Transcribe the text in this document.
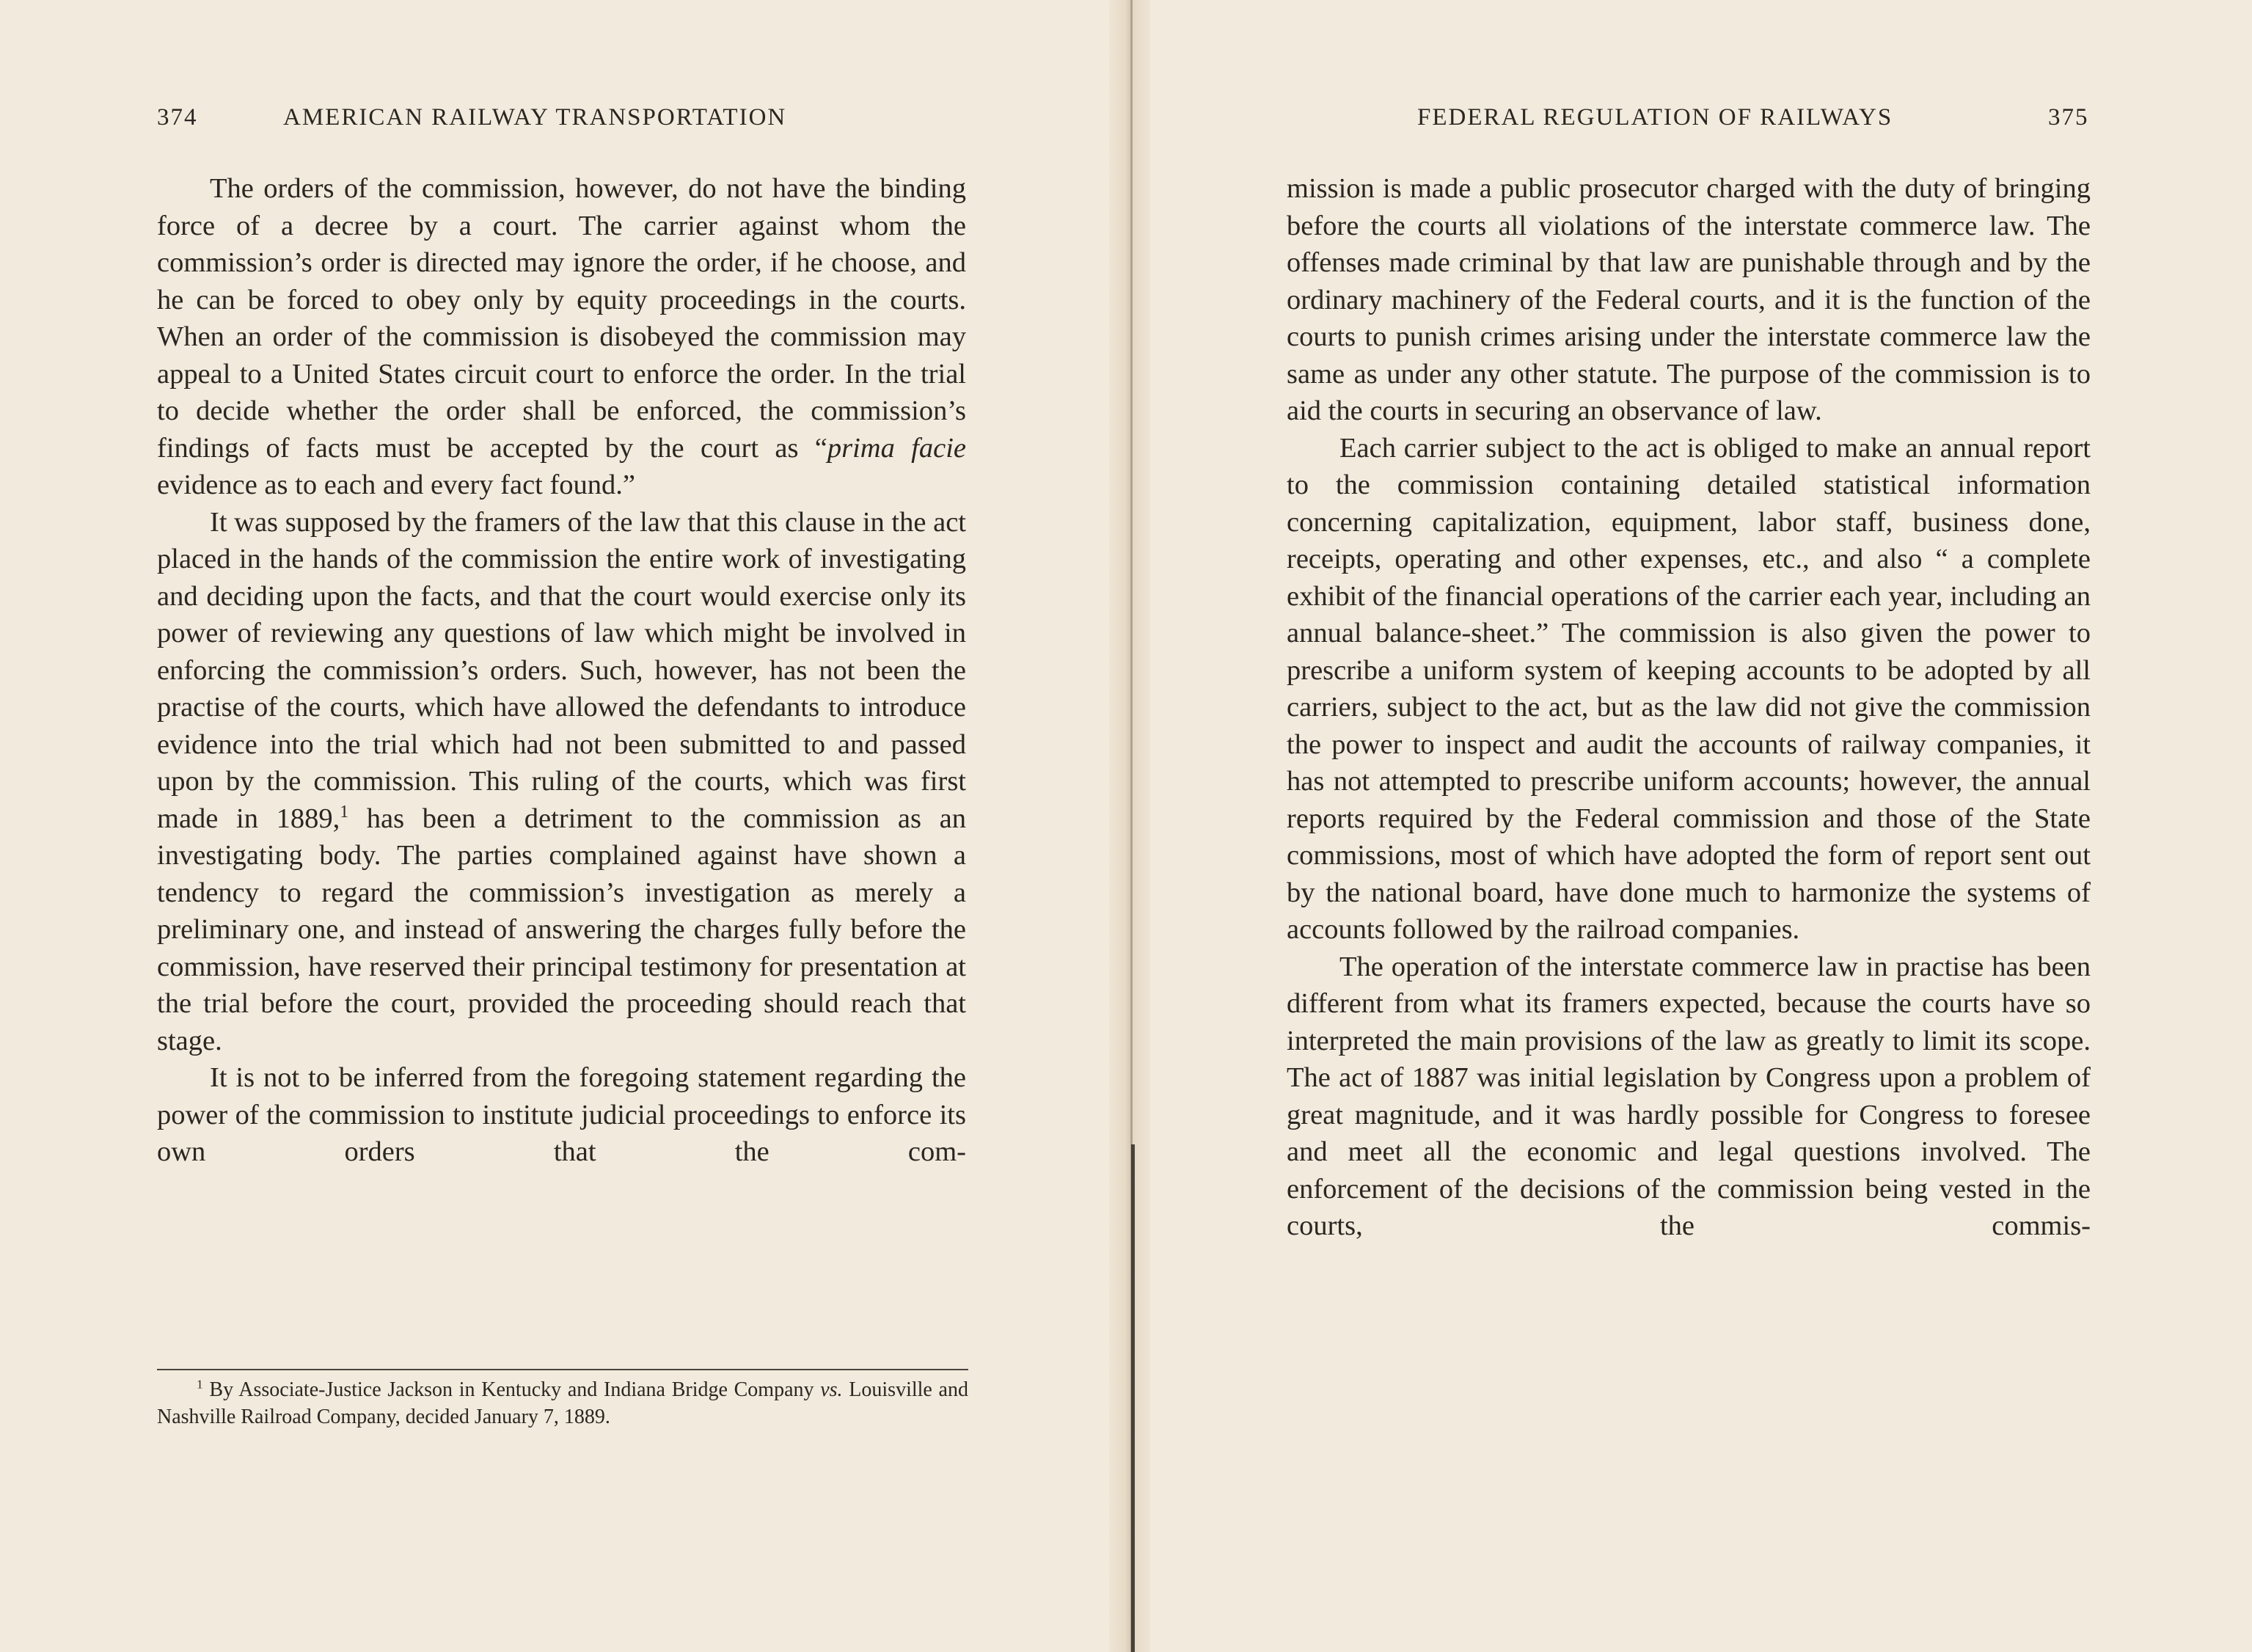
374	AMERICAN RAILWAY TRANSPORTATION	FEDERAL REGULATION OF RAILWAYS	375

The orders of the commission, however, do not have the binding force of a decree by a court. The carrier against whom the commission’s order is directed may ignore the order, if he choose, and he can be forced to obey only by equity proceedings in the courts. When an order of the commission is disobeyed the commission may appeal to a United States circuit court to enforce the order. In the trial to decide whether the order shall be enforced, the commission’s findings of facts must be accepted by the court as “prima facie evidence as to each and every fact found.”

It was supposed by the framers of the law that this clause in the act placed in the hands of the commission the entire work of investigating and deciding upon the facts, and that the court would exercise only its power of reviewing any questions of law which might be involved in enforcing the commission’s orders. Such, however, has not been the practise of the courts, which have allowed the defendants to introduce evidence into the trial which had not been submitted to and passed upon by the commission. This ruling of the courts, which was first made in 1889,$^1$ has been a detriment to the commission as an investigating body. The parties complained against have shown a tendency to regard the commission’s investigation as merely a preliminary one, and instead of answering the charges fully before the commission, have reserved their principal testimony for presentation at the trial before the court, provided the proceeding should reach that stage.

It is not to be inferred from the foregoing statement regarding the power of the commission to institute judicial proceedings to enforce its own orders that the com-

$^1$ By Associate-Justice Jackson in Kentucky and Indiana Bridge Company vs. Louisville and Nashville Railroad Company, decided January 7, 1889.

mission is made a public prosecutor charged with the duty of bringing before the courts all violations of the interstate commerce law. The offenses made criminal by that law are punishable through and by the ordinary machinery of the Federal courts, and it is the function of the courts to punish crimes arising under the interstate commerce law the same as under any other statute. The purpose of the commission is to aid the courts in securing an observance of law.

Each carrier subject to the act is obliged to make an annual report to the commission containing detailed statistical information concerning capitalization, equipment, labor staff, business done, receipts, operating and other expenses, etc., and also “ a complete exhibit of the financial operations of the carrier each year, including an annual balance-sheet.” The commission is also given the power to prescribe a uniform system of keeping accounts to be adopted by all carriers, subject to the act, but as the law did not give the commission the power to inspect and audit the accounts of railway companies, it has not attempted to prescribe uniform accounts; however, the annual reports required by the Federal commission and those of the State commissions, most of which have adopted the form of report sent out by the national board, have done much to harmonize the systems of accounts followed by the railroad companies.

The operation of the interstate commerce law in practise has been different from what its framers expected, because the courts have so interpreted the main provisions of the law as greatly to limit its scope. The act of 1887 was initial legislation by Congress upon a problem of great magnitude, and it was hardly possible for Congress to foresee and meet all the economic and legal questions involved. The enforcement of the decisions of the commission being vested in the courts, the commis-
